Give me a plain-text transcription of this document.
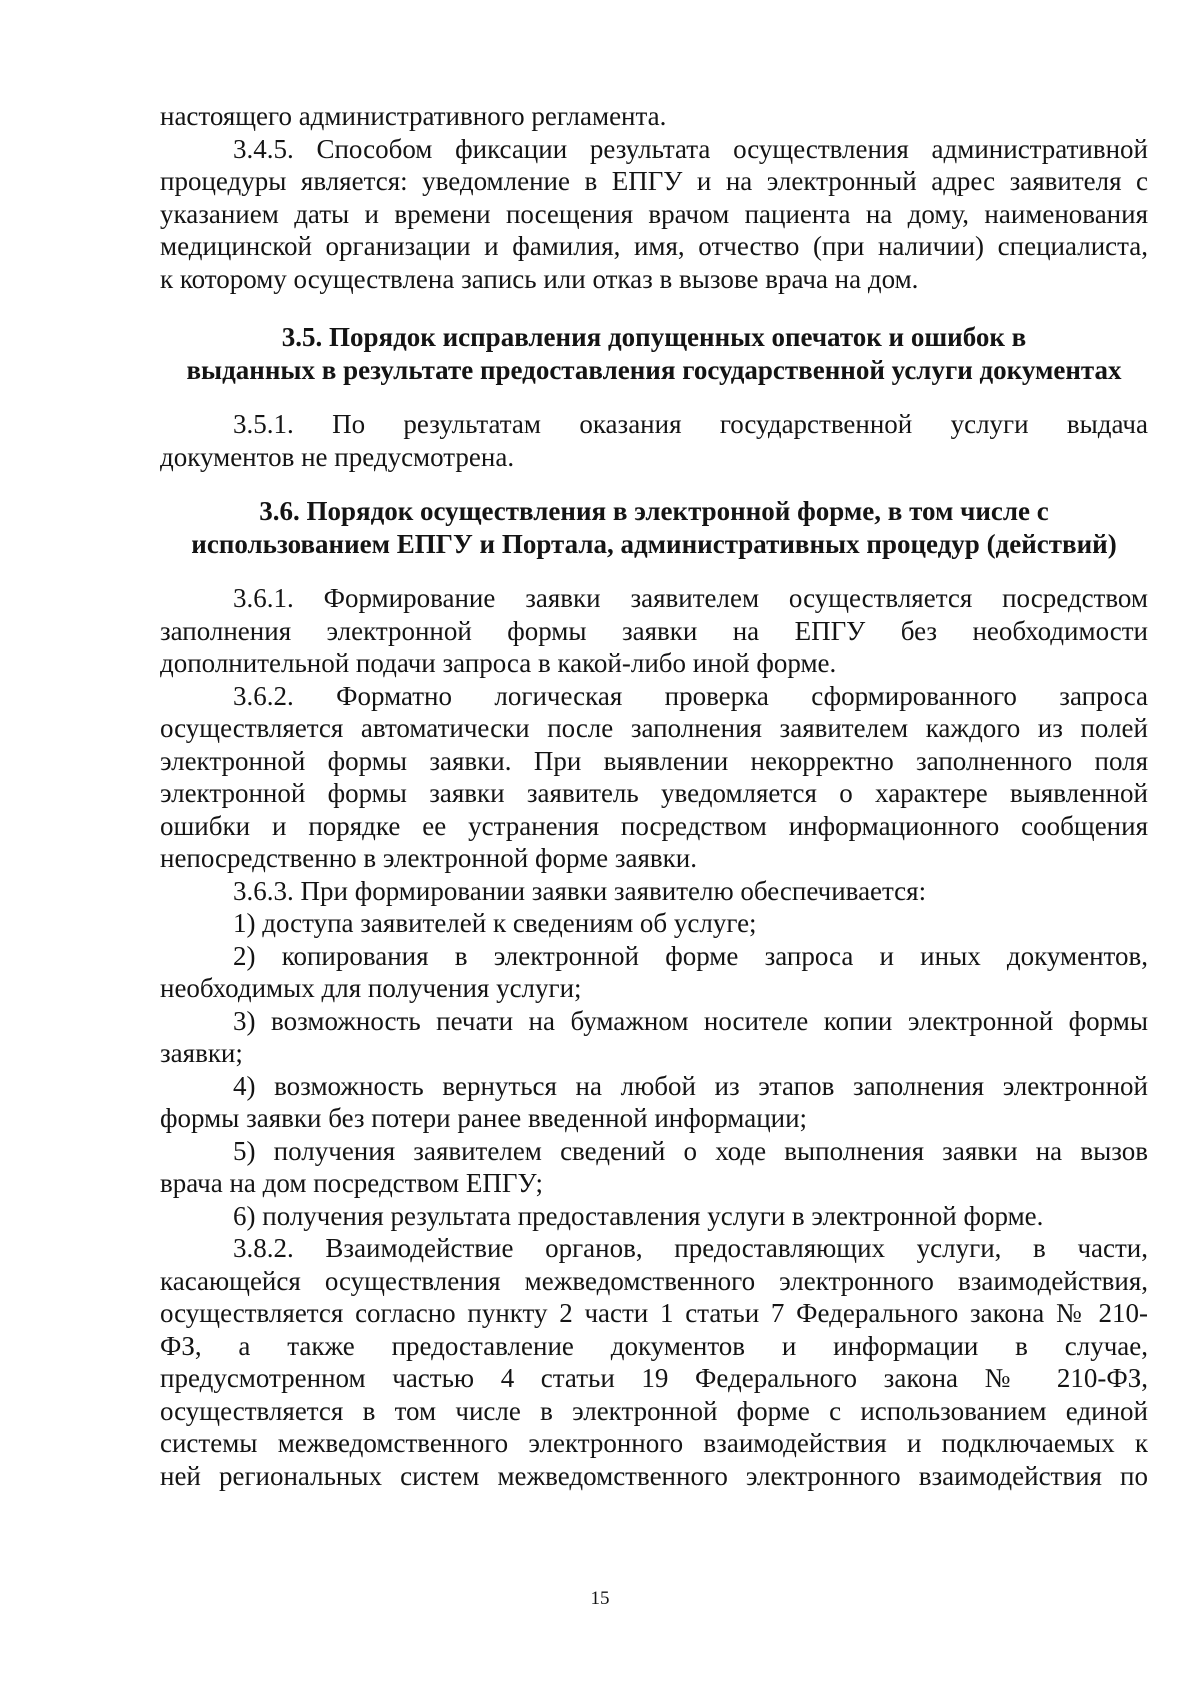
настоящего административного регламента.
3.4.5. Способом фиксации результата осуществления административной
процедуры является: уведомление в ЕПГУ и на электронный адрес заявителя с
указанием даты и времени посещения врачом пациента на дому, наименования
медицинской организации и фамилия, имя, отчество (при наличии) специалиста,
к которому осуществлена запись или отказ в вызове врача на дом.
3.5. Порядок исправления допущенных опечаток и ошибок в
выданных в результате предоставления государственной услуги документах
3.5.1. По результатам оказания государственной услуги выдача
документов не предусмотрена.
3.6. Порядок осуществления в электронной форме, в том числе с
использованием ЕПГУ и Портала, административных процедур (действий)
3.6.1. Формирование заявки заявителем осуществляется посредством
заполнения электронной формы заявки на ЕПГУ без необходимости
дополнительной подачи запроса в какой-либо иной форме.
3.6.2. Форматно логическая проверка сформированного запроса
осуществляется автоматически после заполнения заявителем каждого из полей
электронной формы заявки. При выявлении некорректно заполненного поля
электронной формы заявки заявитель уведомляется о характере выявленной
ошибки и порядке ее устранения посредством информационного сообщения
непосредственно в электронной форме заявки.
3.6.3. При формировании заявки заявителю обеспечивается:
1) доступа заявителей к сведениям об услуге;
2) копирования в электронной форме запроса и иных документов,
необходимых для получения услуги;
3) возможность печати на бумажном носителе копии электронной формы
заявки;
4) возможность вернуться на любой из этапов заполнения электронной
формы заявки без потери ранее введенной информации;
5) получения заявителем сведений о ходе выполнения заявки на вызов
врача на дом посредством ЕПГУ;
6) получения результата предоставления услуги в электронной форме.
3.8.2. Взаимодействие органов, предоставляющих услуги, в части,
касающейся осуществления межведомственного электронного взаимодействия,
осуществляется согласно пункту 2 части 1 статьи 7 Федерального закона № 210-
ФЗ, а также предоставление документов и информации в случае,
предусмотренном частью 4 статьи 19 Федерального закона № 210-ФЗ,
осуществляется в том числе в электронной форме с использованием единой
системы межведомственного электронного взаимодействия и подключаемых к
ней региональных систем межведомственного электронного взаимодействия по
15
